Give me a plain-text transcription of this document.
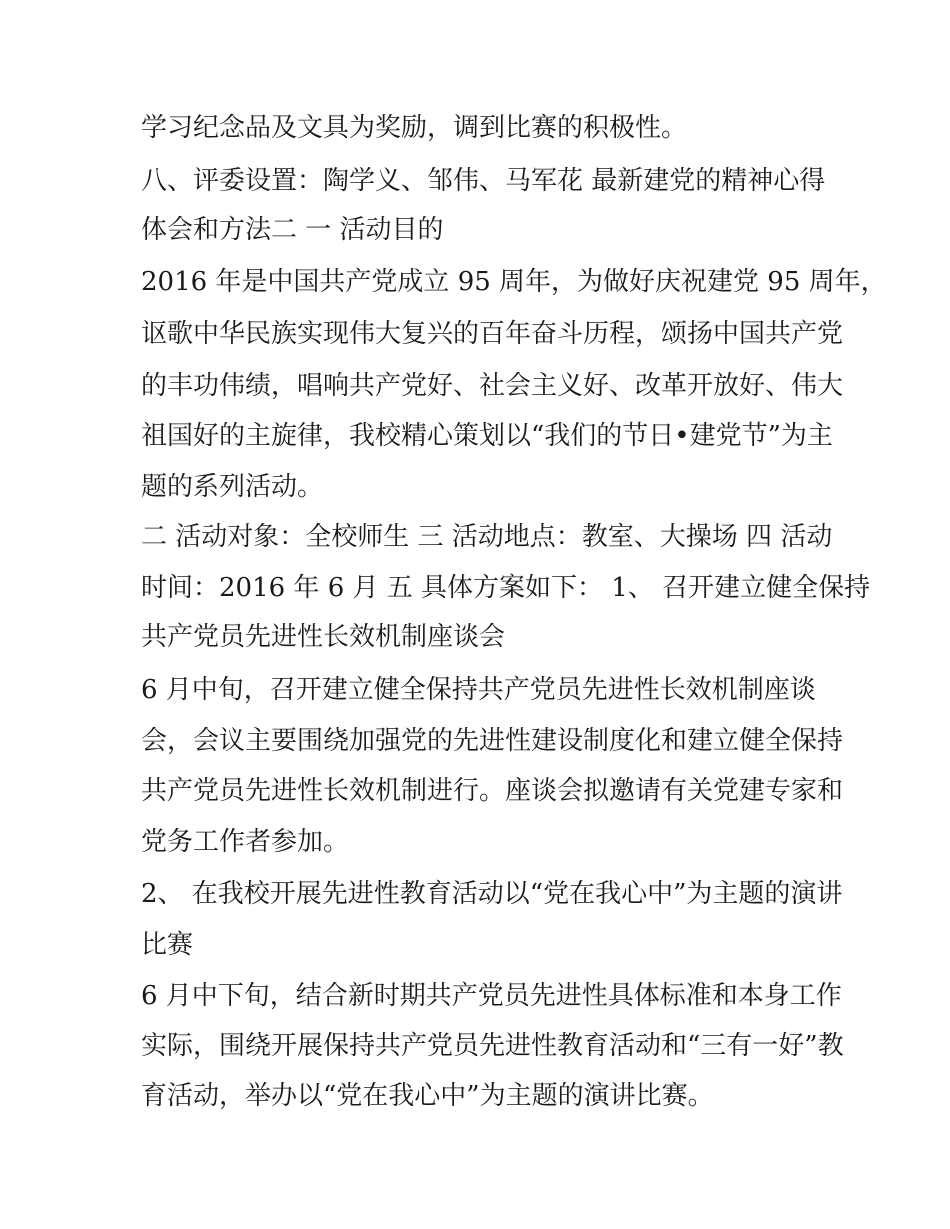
学习纪念品及文具为奖励，调到比赛的积极性。
八、评委设置：陶学义、邹伟、马军花 最新建党的精神心得
体会和方法二 一 活动目的
2016 年是中国共产党成立 95 周年，为做好庆祝建党 95 周年，
讴歌中华民族实现伟大复兴的百年奋斗历程，颂扬中国共产党
的丰功伟绩，唱响共产党好、社会主义好、改革开放好、伟大
祖国好的主旋律，我校精心策划以“我们的节日•建党节”为主
题的系列活动。
二 活动对象：全校师生 三 活动地点：教室、大操场 四 活动
时间：2016 年 6 月 五 具体方案如下： 1、 召开建立健全保持
共产党员先进性长效机制座谈会
6 月中旬，召开建立健全保持共产党员先进性长效机制座谈
会，会议主要围绕加强党的先进性建设制度化和建立健全保持
共产党员先进性长效机制进行。座谈会拟邀请有关党建专家和
党务工作者参加。
2、 在我校开展先进性教育活动以“党在我心中”为主题的演讲
比赛
6 月中下旬，结合新时期共产党员先进性具体标准和本身工作
实际，围绕开展保持共产党员先进性教育活动和“三有一好”教
育活动，举办以“党在我心中”为主题的演讲比赛。
